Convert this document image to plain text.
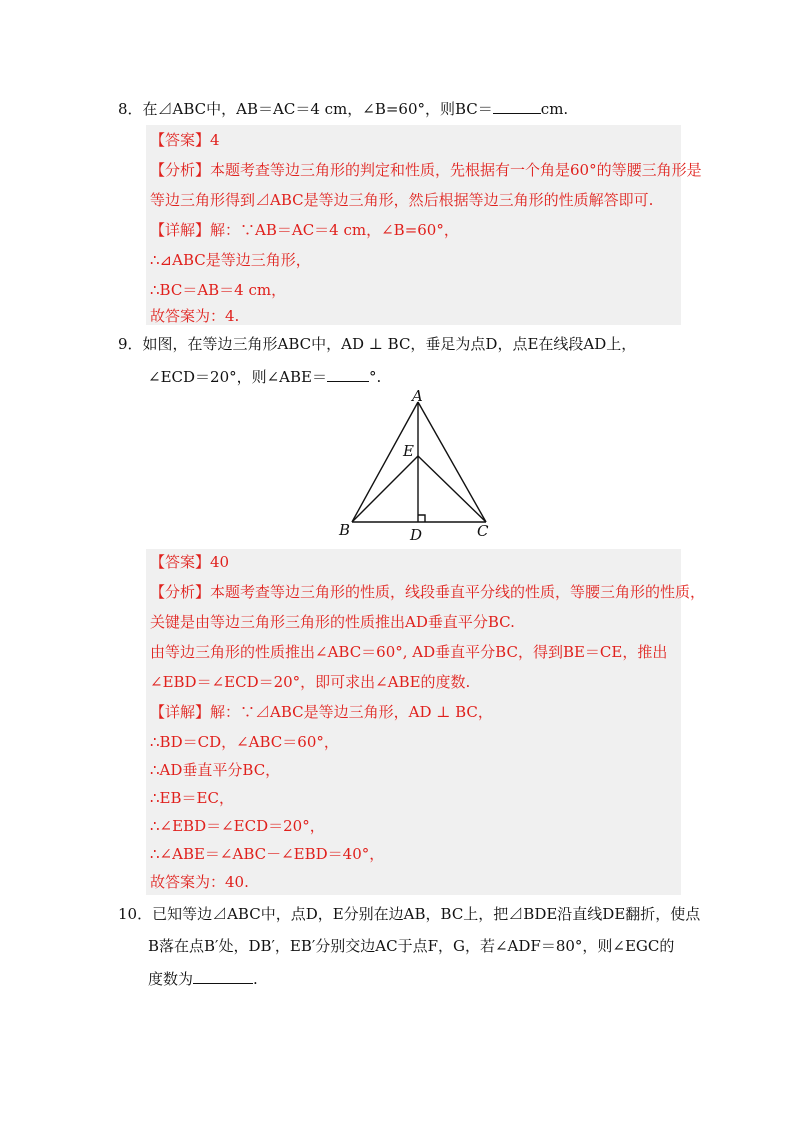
8．在⊿ABC中，AB＝AC＝4 cm，∠B=60°，则BC＝	cm.
【答案】4
【分析】本题考查等边三角形的判定和性质，先根据有一个角是60°的等腰三角形是
等边三角形得到⊿ABC是等边三角形，然后根据等边三角形的性质解答即可.
【详解】解：∵AB＝AC＝4 cm，∠B=60°，
∴⊿ABC是等边三角形，
∴BC＝AB＝4 cm，
故答案为：4.
9．如图，在等边三角形ABC中，AD ⊥ BC，垂足为点D，点E在线段AD上，
∠ECD＝20°，则∠ABE＝	°.
A
E
B	D	C
【答案】40
【分析】本题考查等边三角形的性质，线段垂直平分线的性质，等腰三角形的性质，
关键是由等边三角形三角形的性质推出AD垂直平分BC.
由等边三角形的性质推出∠ABC＝60°, AD垂直平分BC，得到BE＝CE，推出
∠EBD＝∠ECD＝20°，即可求出∠ABE的度数.
【详解】解：∵⊿ABC是等边三角形，AD ⊥ BC，
∴BD＝CD，∠ABC＝60°，
∴AD垂直平分BC，
∴EB＝EC，
∴∠EBD＝∠ECD＝20°，
∴∠ABE＝∠ABC－∠EBD＝40°，
故答案为：40.
10．已知等边⊿ABC中，点D，E分别在边AB，BC上，把⊿BDE沿直线DE翻折，使点
B落在点B′处，DB′，EB′分别交边AC于点F，G，若∠ADF＝80°，则∠EGC的
度数为	.
